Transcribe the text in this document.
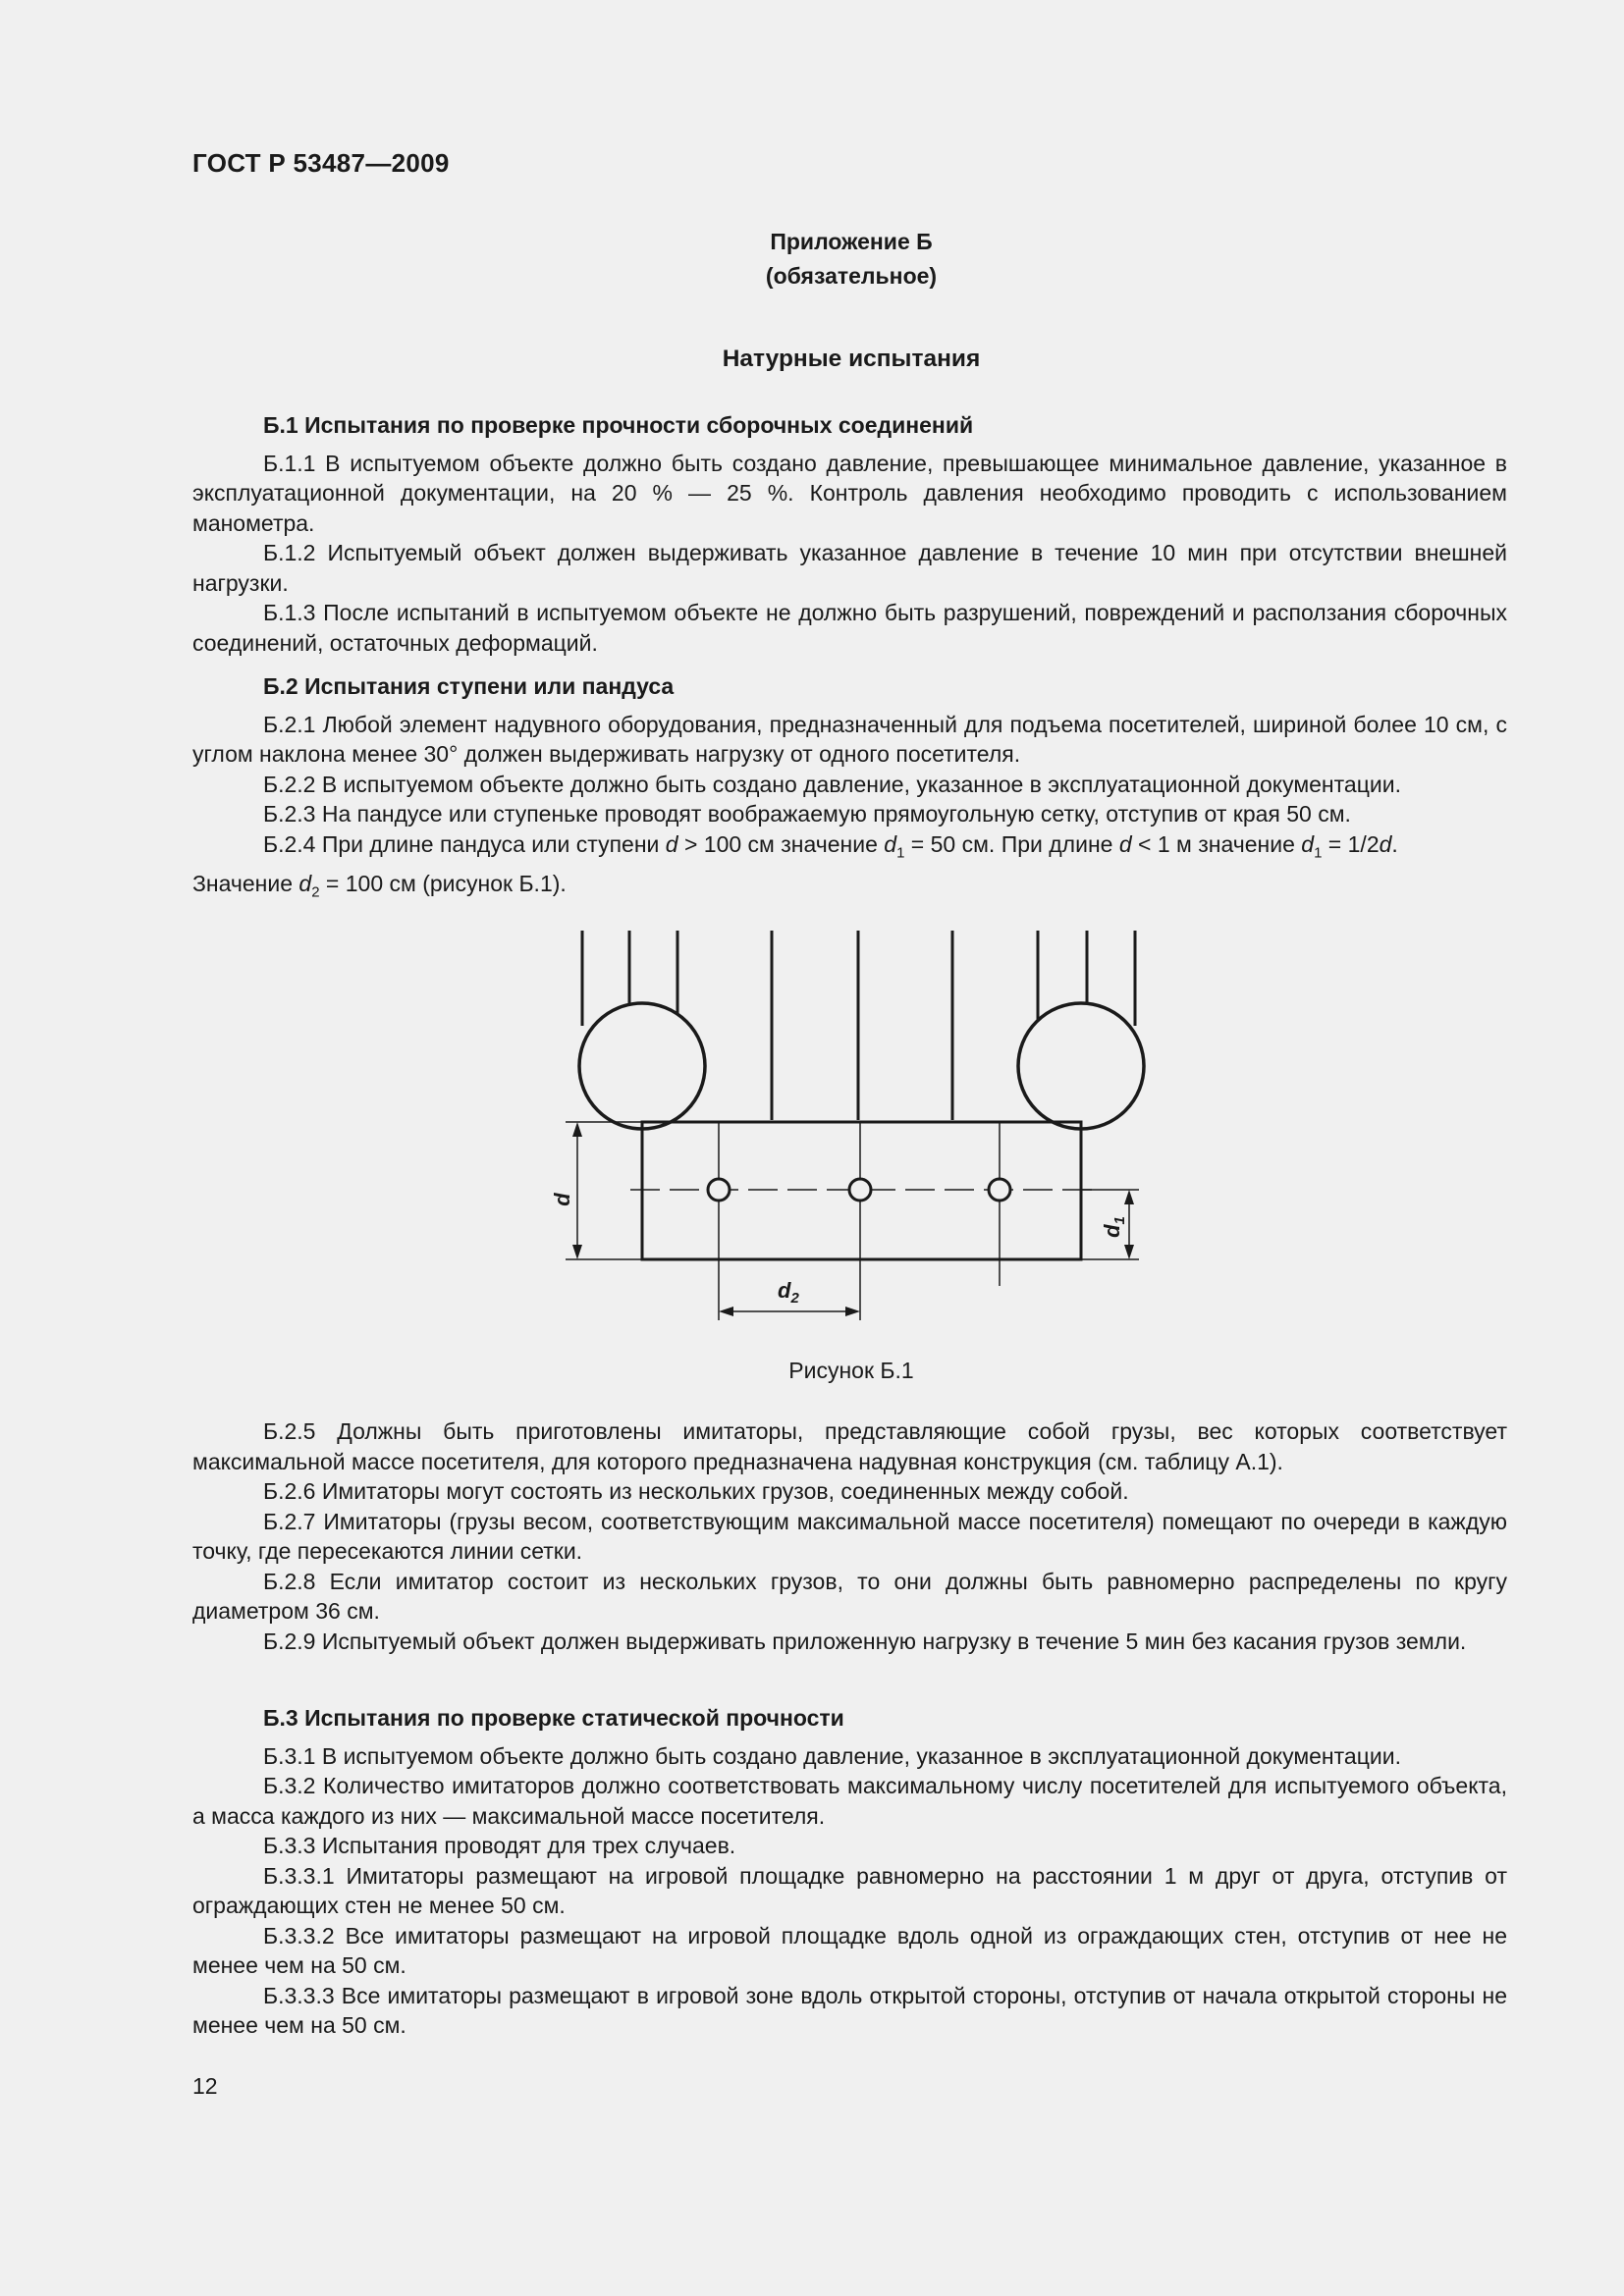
ГОСТ Р 53487—2009
Приложение Б
(обязательное)
Натурные испытания
Б.1 Испытания по проверке прочности сборочных соединений

Б.1.1 В испытуемом объекте должно быть создано давление, превышающее минимальное давление, указанное в эксплуатационной документации, на 20 % — 25 %. Контроль давления необходимо проводить с использованием манометра.

Б.1.2 Испытуемый объект должен выдерживать указанное давление в течение 10 мин при отсутствии внешней нагрузки.

Б.1.3 После испытаний в испытуемом объекте не должно быть разрушений, повреждений и расползания сборочных соединений, остаточных деформаций.

Б.2 Испытания ступени или пандуса

Б.2.1 Любой элемент надувного оборудования, предназначенный для подъема посетителей, шириной более 10 см, с углом наклона менее 30° должен выдерживать нагрузку от одного посетителя.

Б.2.2 В испытуемом объекте должно быть создано давление, указанное в эксплуатационной документации.

Б.2.3 На пандусе или ступеньке проводят воображаемую прямоугольную сетку, отступив от края 50 см.

Б.2.4 При длине пандуса или ступени d > 100 см значение $d_1 = 50$ см. При длине d < 1 м значение $d_1 = 1/2d$.

Значение $d_2 = 100$ см (рисунок Б.1).

d
$d_1$
$d_2$
Рисунок Б.1

Б.2.5 Должны быть приготовлены имитаторы, представляющие собой грузы, вес которых соответствует максимальной массе посетителя, для которого предназначена надувная конструкция (см. таблицу А.1).

Б.2.6 Имитаторы могут состоять из нескольких грузов, соединенных между собой.

Б.2.7 Имитаторы (грузы весом, соответствующим максимальной массе посетителя) помещают по очереди в каждую точку, где пересекаются линии сетки.

Б.2.8 Если имитатор состоит из нескольких грузов, то они должны быть равномерно распределены по кругу диаметром 36 см.

Б.2.9 Испытуемый объект должен выдерживать приложенную нагрузку в течение 5 мин без касания грузов земли.

Б.3 Испытания по проверке статической прочности

Б.3.1 В испытуемом объекте должно быть создано давление, указанное в эксплуатационной документации.

Б.3.2 Количество имитаторов должно соответствовать максимальному числу посетителей для испытуемого объекта, а масса каждого из них — максимальной массе посетителя.

Б.3.3 Испытания проводят для трех случаев.

Б.3.3.1 Имитаторы размещают на игровой площадке равномерно на расстоянии 1 м друг от друга, отступив от ограждающих стен не менее 50 см.

Б.3.3.2 Все имитаторы размещают на игровой площадке вдоль одной из ограждающих стен, отступив от нее не менее чем на 50 см.

Б.3.3.3 Все имитаторы размещают в игровой зоне вдоль открытой стороны, отступив от начала открытой стороны не менее чем на 50 см.

12
